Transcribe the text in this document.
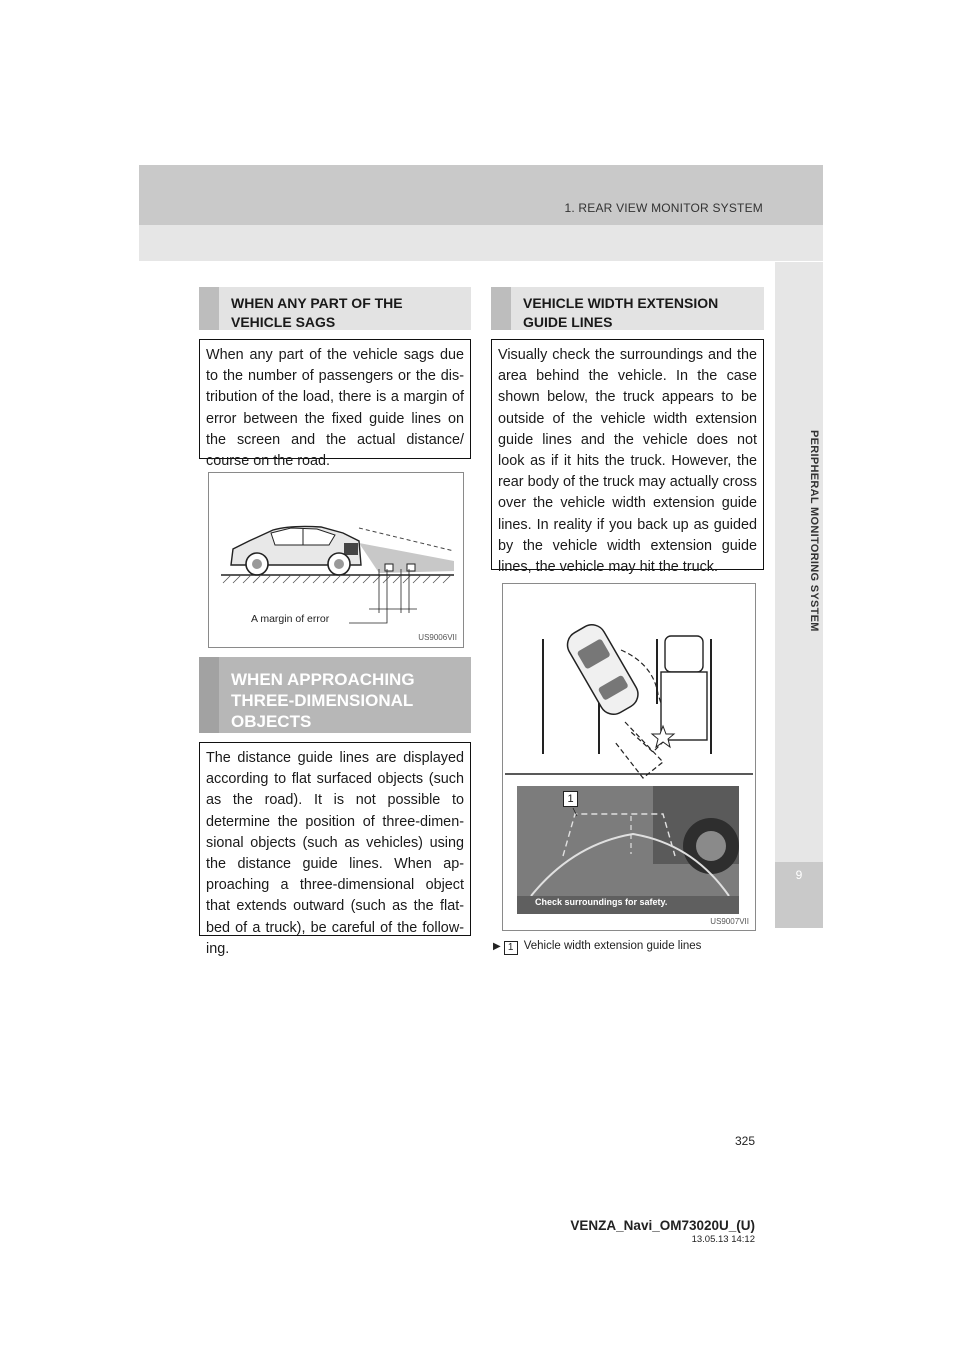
1. REAR VIEW MONITOR SYSTEM
PERIPHERAL MONITORING SYSTEM
9
WHEN ANY PART OF THE
VEHICLE SAGS
When any part of the vehicle sags due to the number of passengers or the dis-tribution of the load, there is a margin of error between the fixed guide lines on the screen and the actual distance/ course on the road.
A margin of error
US9006VII
WHEN APPROACHING
THREE-DIMENSIONAL
OBJECTS
The distance guide lines are displayed according to flat surfaced objects (such as the road). It is not possible to determine the position of three-dimen-sional objects (such as vehicles) using the distance guide lines. When ap-proaching a three-dimensional object that extends outward (such as the flat-bed of a truck), be careful of the follow-ing.
VEHICLE WIDTH EXTENSION
GUIDE LINES
Visually check the surroundings and the area behind the vehicle. In the case shown below, the truck appears to be outside of the vehicle width extension guide lines and the vehicle does not look as if it hits the truck. However, the rear body of the truck may actually cross over the vehicle width extension guide lines. In reality if you back up as guided by the vehicle width extension guide lines, the vehicle may hit the truck.
1
Check surroundings for safety.
US9007VII
▶ 1 Vehicle width extension guide lines
325
VENZA_Navi_OM73020U_(U)
13.05.13 14:12
